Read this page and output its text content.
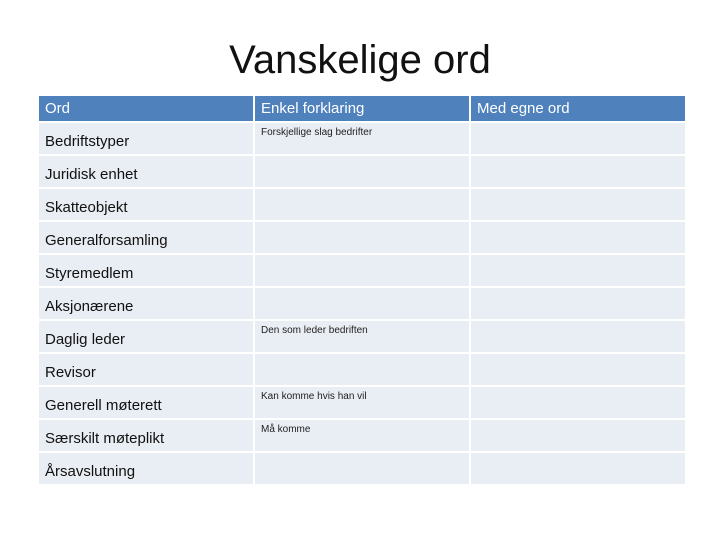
Vanskelige ord
Ord	Enkel forklaring	Med egne ord
Bedriftstyper	Forskjellige slag bedrifter	
Juridisk enhet		
Skatteobjekt		
Generalforsamling		
Styremedlem		
Aksjonærene		
Daglig leder	Den som leder bedriften	
Revisor		
Generell møterett	Kan komme hvis han vil	
Særskilt møteplikt	Må komme	
Årsavslutning		
